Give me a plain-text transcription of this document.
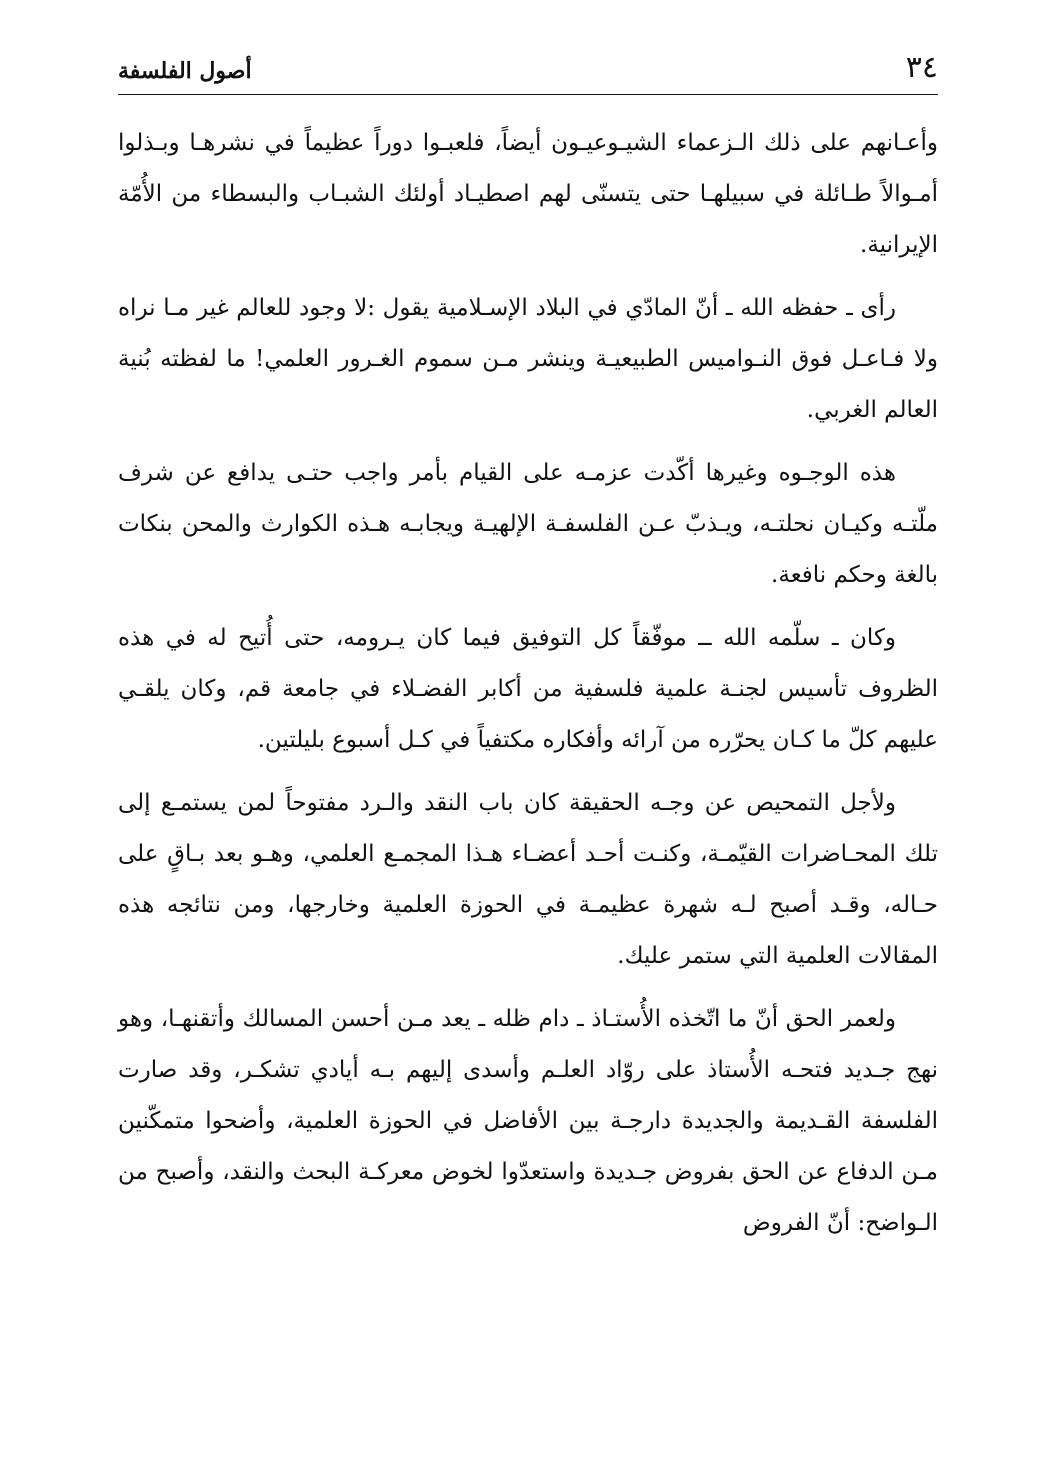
٣٤
أصول الفلسفة

وأعـانهم على ذلك الـزعماء الشيـوعيـون أيضاً، فلعبـوا دوراً عظيماً في نشرهـا وبـذلوا أمـوالاً طـائلة في سبيلهـا حتى يتسنّى لهم اصطيـاد أولئك الشبـاب والبسطاء من الأُمّة الإيرانية.

رأى ـ حفظه الله ـ أنّ المادّي في البلاد الإسـلامية يقول :لا وجود للعالم غير مـا نراه ولا فـاعـل فوق النـواميس الطبيعيـة وينشر مـن سموم الغـرور العلمي! ما لفظته بُنية العالم الغربي.

هذه الوجـوه وغيرها أكّدت عزمـه على القيام بأمر واجب حتـى يدافع عن شرف ملّتـه وكيـان نحلتـه، ويـذبّ عـن الفلسفـة الإلهيـة ويجابـه هـذه الكوارث والمحن بنكات بالغة وحكم نافعة.

وكان ـ سلّمه الله ــ موفّقاً كل التوفيق فيما كان يـرومه، حتى أُتيح له في هذه الظروف تأسيس لجنـة علمية فلسفية من أكابر الفضـلاء في جامعة قم، وكان يلقـي عليهم كلّ ما كـان يحرّره من آرائه وأفكاره مكتفياً في كـل أسبوع بليلتين.

ولأجل التمحيص عن وجـه الحقيقة كان باب النقد والـرد مفتوحاً لمن يستمـع إلى تلك المحـاضرات القيّمـة، وكنـت أحـد أعضـاء هـذا المجمـع العلمي، وهـو بعد بـاقٍ على حـاله، وقـد أصبح لـه شهرة عظيمـة في الحوزة العلمية وخارجها، ومن نتائجه هذه المقالات العلمية التي ستمر عليك.

ولعمر الحق أنّ ما اتّخذه الأُستـاذ ـ دام ظله ـ يعد مـن أحسن المسالك وأتقنهـا، وهو نهج جـديد فتحـه الأُستاذ على روّاد العلـم وأسدى إليهم بـه أيادي تشكـر، وقد صارت الفلسفة القـديمة والجديدة دارجـة بين الأفاضل في الحوزة العلمية، وأضحوا متمكّنين مـن الدفاع عن الحق بفروض جـديدة واستعدّوا لخوض معركـة البحث والنقد، وأصبح من الـواضح: أنّ الفروض
